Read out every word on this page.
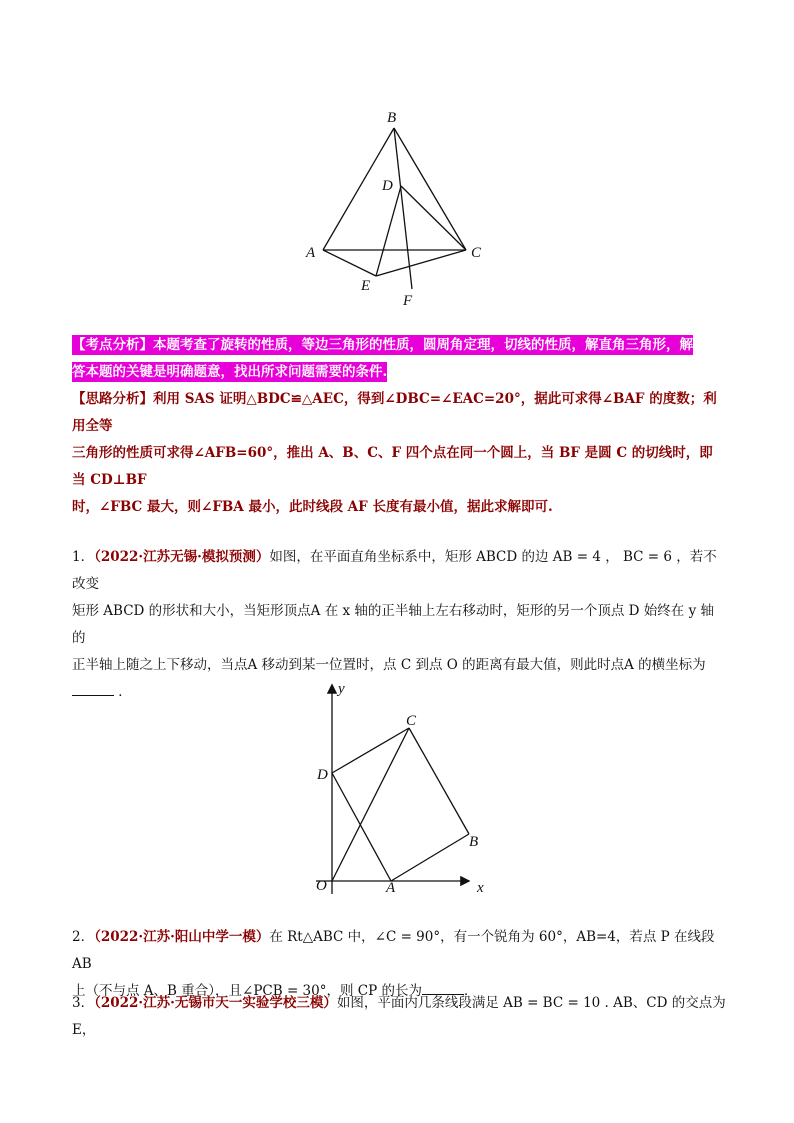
B
D
A	C
E
F
【考点分析】本题考查了旋转的性质，等边三角形的性质，圆周角定理，切线的性质，解直角三角形，解
答本题的关键是明确题意，找出所求问题需要的条件.
【思路分析】利用 SAS 证明△BDC≌△AEC，得到∠DBC=∠EAC=20°，据此可求得∠BAF 的度数；利用全等
三角形的性质可求得∠AFB=60°，推出 A、B、C、F 四个点在同一个圆上，当 BF 是圆 C 的切线时，即当 CD⊥BF
时，∠FBC 最大，则∠FBA 最小，此时线段 AF 长度有最小值，据此求解即可.
1．（2022·江苏无锡·模拟预测）如图，在平面直角坐标系中，矩形 ABCD 的边 AB = 4 ， BC = 6 ，若不改变
矩形 ABCD 的形状和大小，当矩形顶点A 在 x 轴的正半轴上左右移动时，矩形的另一个顶点 D 始终在 y 轴的
正半轴上随之上下移动，当点A 移动到某一位置时，点 C 到点 O 的距离有最大值，则此时点A 的横坐标为
．	y
x
O	A
B
C
D
2．（2022·江苏·阳山中学一模）在 Rt△ABC 中，∠C = 90°，有一个锐角为 60°，AB=4，若点 P 在线段 AB
上（不与点 A、B 重合），且∠PCB = 30°，则 CP 的长为	．
3．（2022·江苏·无锡市天一实验学校三模）如图，平面内几条线段满足 AB = BC = 10 . AB、CD 的交点为 E，
